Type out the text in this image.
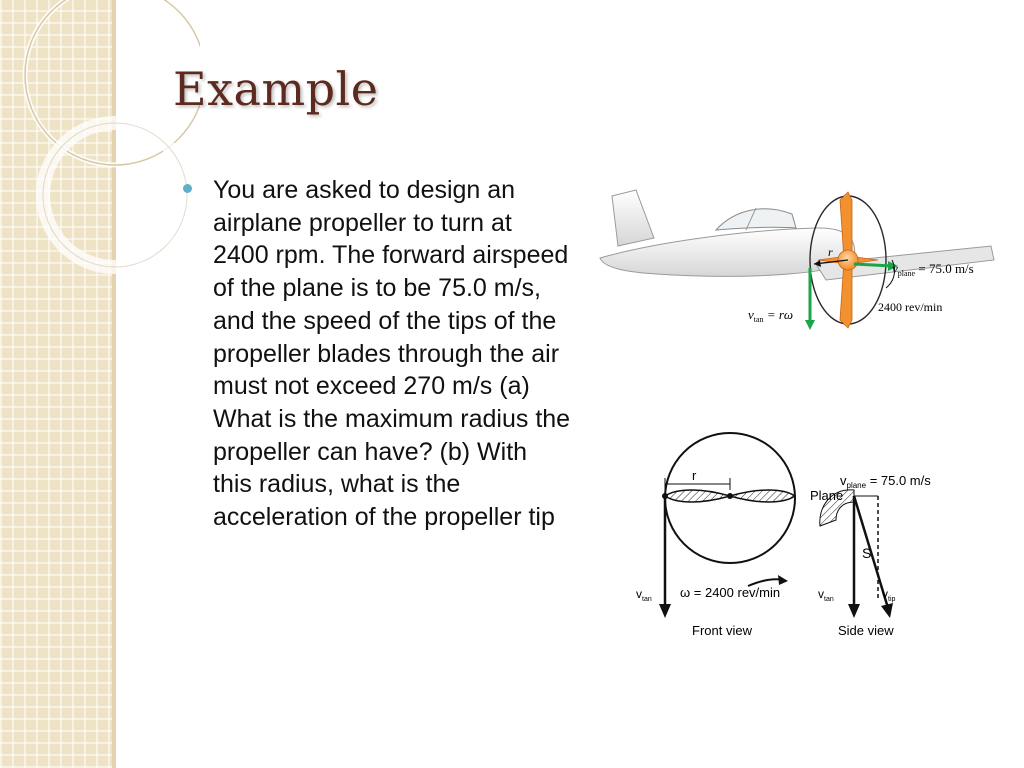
Example

You are asked to design an airplane propeller to turn at 2400 rpm. The forward airspeed of the plane is to be 75.0 m/s, and the speed of the tips of the propeller blades through the air must not exceed 270 m/s (a) What is the maximum radius the propeller can have? (b) With this radius, what is the acceleration of the propeller tip

r
$v_{plane} = 75.0$ m/s
$v_{tan} = r\omega$	2400 rev/min
r
$v_{tan}$ ω = 2400 rev/min
Front view
Plane
$v_{plane} = 75.0$ m/s
S
$v_{tan}$	$v_{tip}$
Side view
